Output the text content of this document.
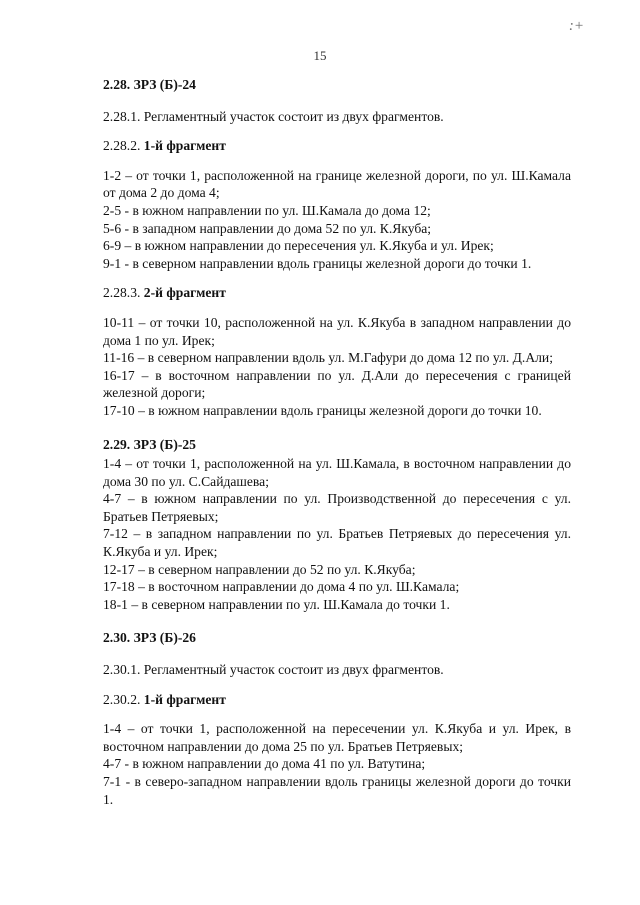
:+
15

2.28. ЗРЗ (Б)-24

2.28.1. Регламентный участок состоит из двух фрагментов.

2.28.2. 1-й фрагмент

1-2 – от точки 1, расположенной на границе железной дороги, по ул. Ш.Камала от дома 2 до дома 4;

2-5 - в южном направлении по ул. Ш.Камала до дома 12;

5-6 - в западном направлении до дома 52 по ул. К.Якуба;

6-9 – в южном направлении до пересечения ул. К.Якуба и ул. Ирек;

9-1 - в северном направлении вдоль границы железной дороги до точки 1.

2.28.3. 2-й фрагмент

10-11 – от точки 10, расположенной на ул. К.Якуба в западном направлении до дома 1 по ул. Ирек;

11-16 – в северном направлении вдоль ул. М.Гафури до дома 12 по ул. Д.Али;

16-17 – в восточном направлении по ул. Д.Али до пересечения с границей железной дороги;

17-10 – в южном направлении вдоль границы железной дороги до точки 10.

2.29. ЗРЗ (Б)-25

1-4 – от точки 1, расположенной на ул. Ш.Камала, в восточном направлении до дома 30 по ул. С.Сайдашева;

4-7 – в южном направлении по ул. Производственной до пересечения с ул. Братьев Петряевых;

7-12 – в западном направлении по ул. Братьев Петряевых до пересечения ул. К.Якуба и ул. Ирек;

12-17 – в северном направлении до 52 по ул. К.Якуба;

17-18 – в восточном направлении до дома 4 по ул. Ш.Камала;

18-1 – в северном направлении по ул. Ш.Камала до точки 1.

2.30. ЗРЗ (Б)-26

2.30.1. Регламентный участок состоит из двух фрагментов.

2.30.2. 1-й фрагмент

1-4 – от точки 1, расположенной на пересечении ул. К.Якуба и ул. Ирек, в восточном направлении до дома 25 по ул. Братьев Петряевых;

4-7 - в южном направлении до дома 41 по ул. Ватутина;

7-1 - в северо-западном направлении вдоль границы железной дороги до точки 1.
